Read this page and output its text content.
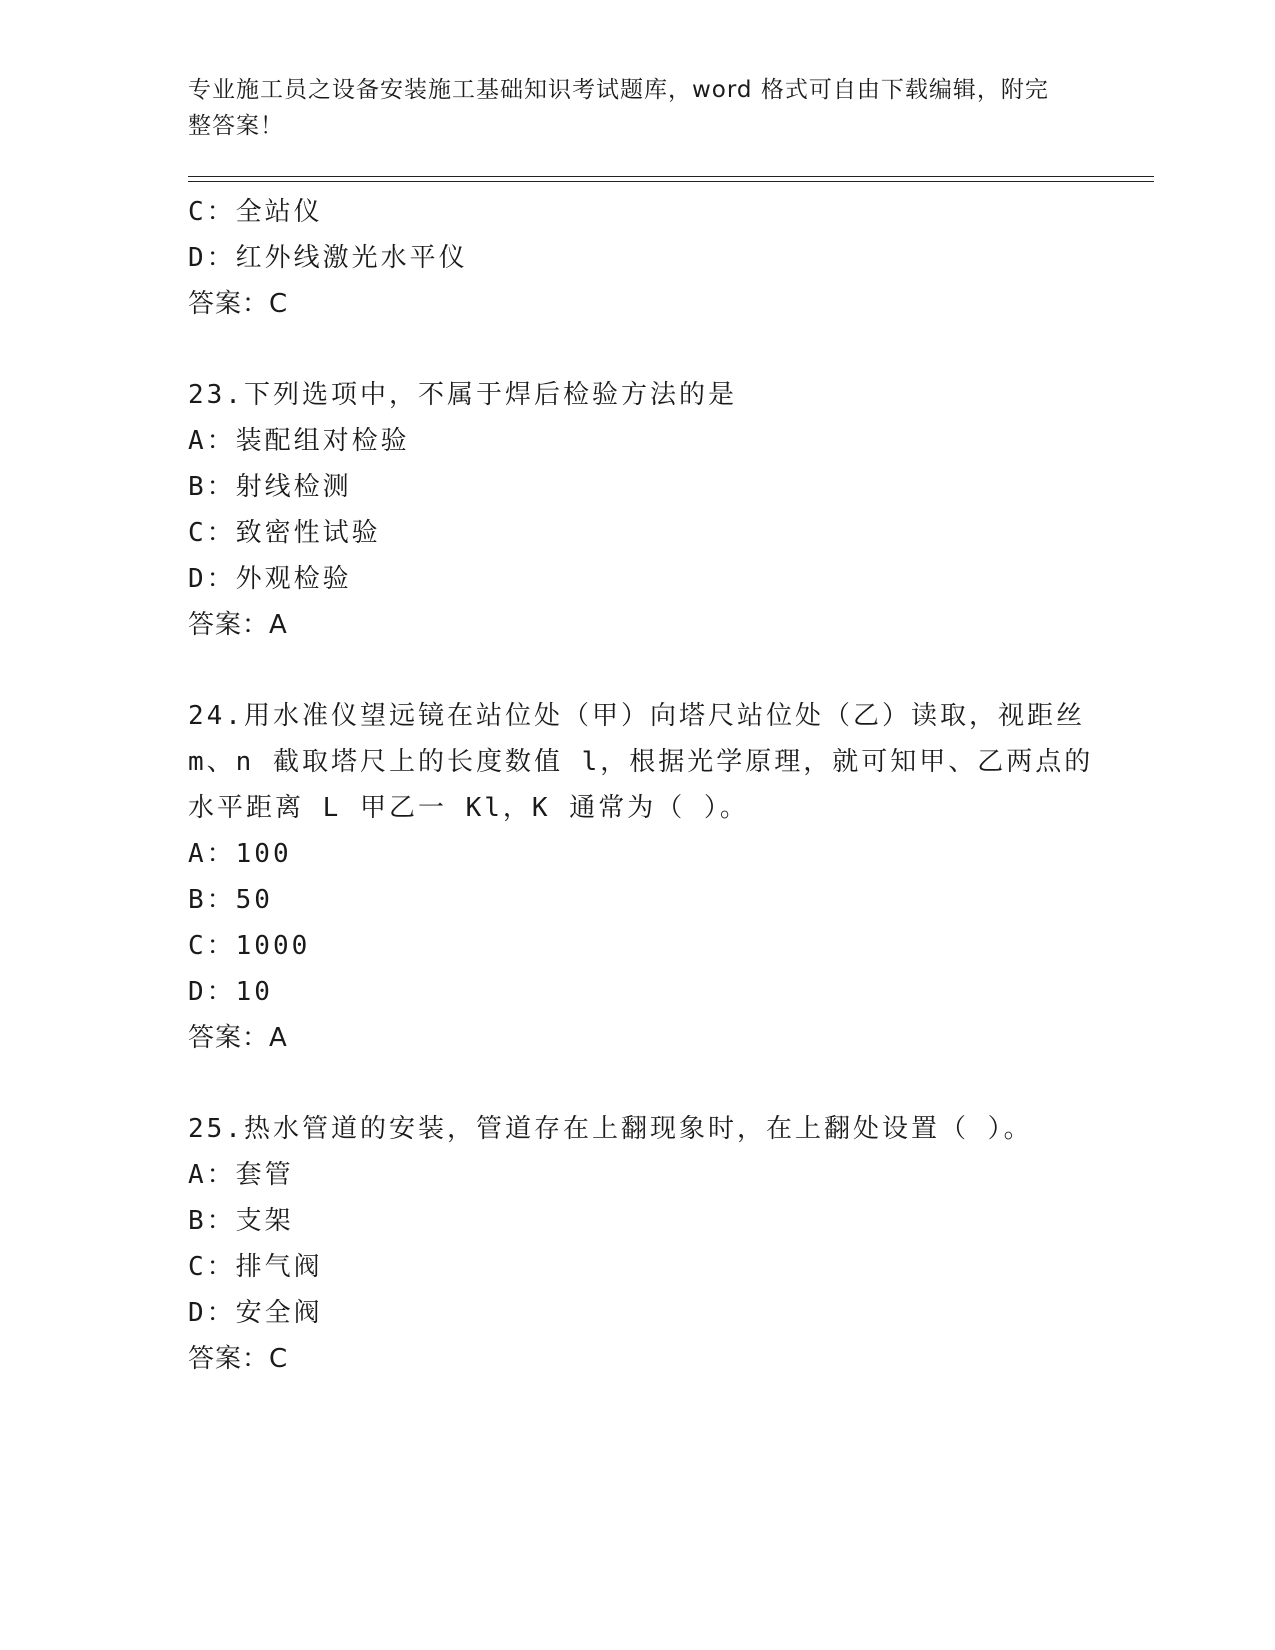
专业施工员之设备安装施工基础知识考试题库，word 格式可自由下载编辑，附完
整答案！
C：全站仪
D：红外线激光水平仪
答案：C
23.下列选项中，不属于焊后检验方法的是
A：装配组对检验
B：射线检测
C：致密性试验
D：外观检验
答案：A
24.用水准仪望远镜在站位处（甲）向塔尺站位处（乙）读取，视距丝
m、n 截取塔尺上的长度数值 l，根据光学原理，就可知甲、乙两点的
水平距离 L 甲乙一 Kl，K 通常为（ ）。
A：100
B：50
C：1000
D：10
答案：A
25.热水管道的安装，管道存在上翻现象时，在上翻处设置（ ）。
A：套管
B：支架
C：排气阀
D：安全阀
答案：C
